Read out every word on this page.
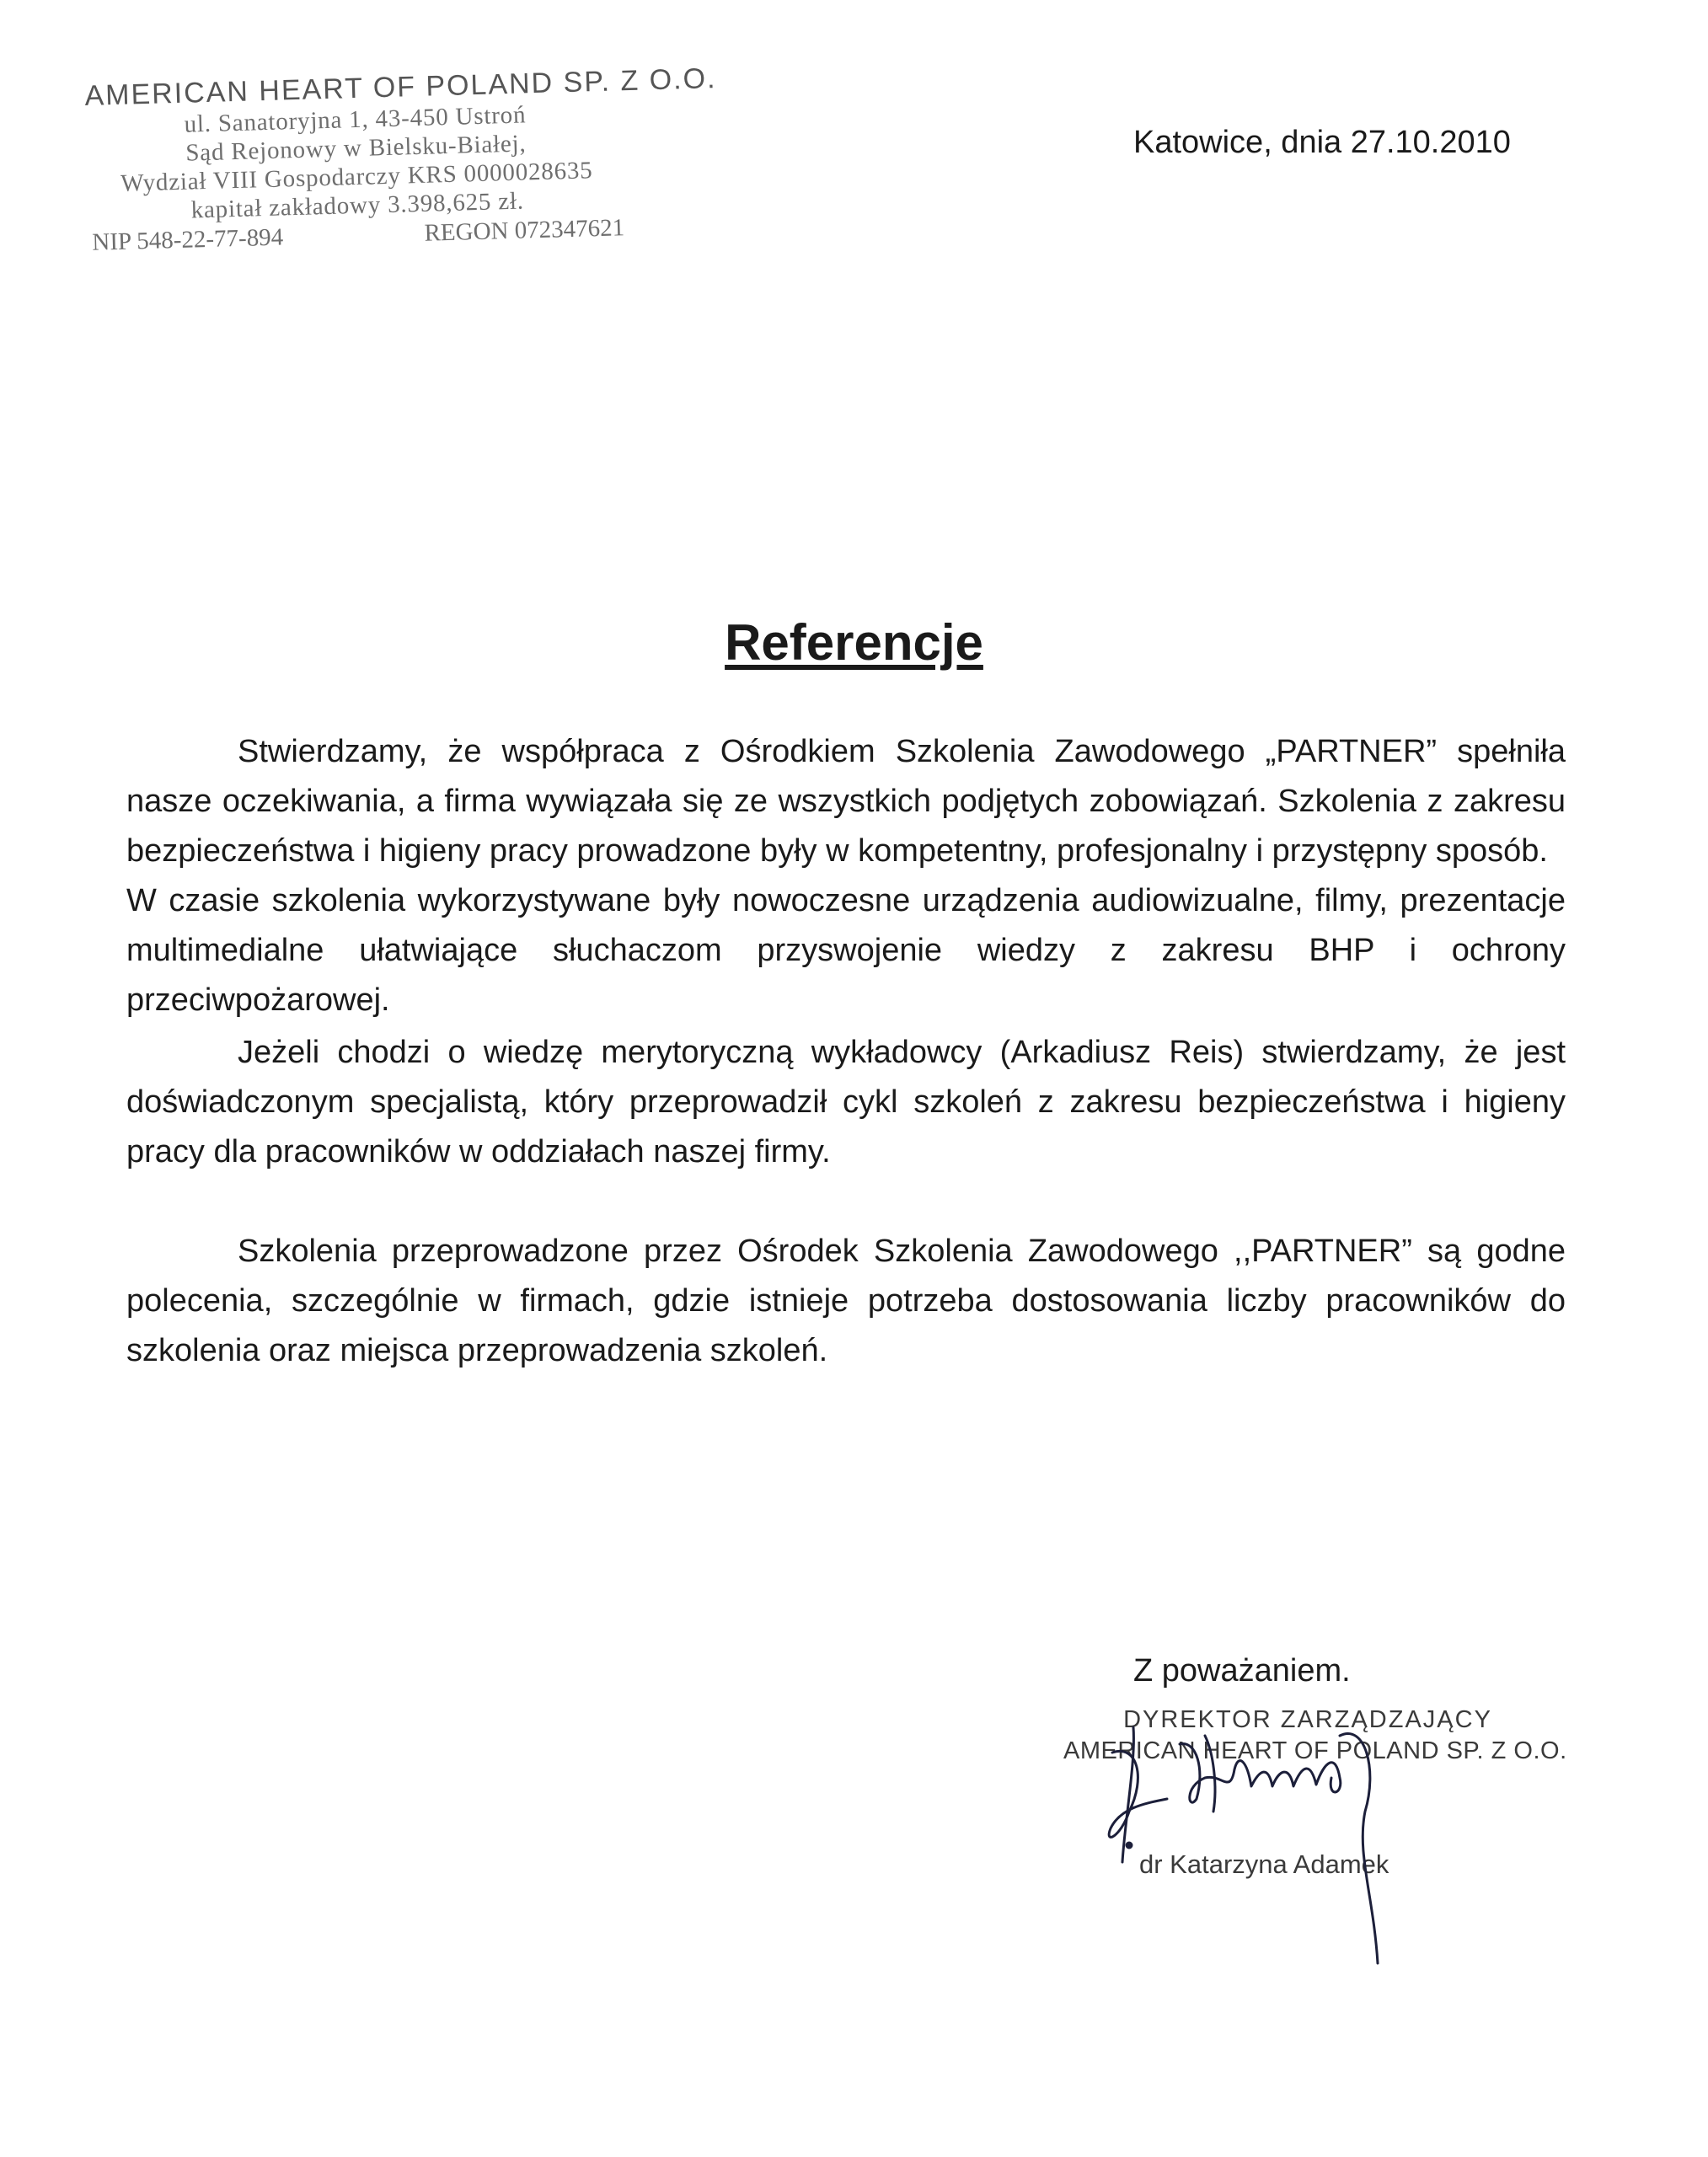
AMERICAN HEART OF POLAND SP. Z O.O.
ul. Sanatoryjna 1, 43-450 Ustroń
Sąd Rejonowy w Bielsku-Białej,
Wydział VIII Gospodarczy KRS 0000028635
kapitał zakładowy 3.398,625 zł.
NIP 548-22-77-894	REGON 072347621
Katowice, dnia 27.10.2010
Referencje

Stwierdzamy, że współpraca z Ośrodkiem Szkolenia Zawodowego „PARTNER” spełniła nasze oczekiwania, a firma wywiązała się ze wszystkich podjętych zobowiązań. Szkolenia z zakresu bezpieczeństwa i higieny pracy prowadzone były w kompetentny, profesjonalny i przystępny sposób.

W czasie szkolenia wykorzystywane były nowoczesne urządzenia audiowizualne, filmy, prezentacje multimedialne ułatwiające słuchaczom przyswojenie wiedzy z zakresu BHP i ochrony przeciwpożarowej.

Jeżeli chodzi o wiedzę merytoryczną wykładowcy (Arkadiusz Reis) stwierdzamy, że jest doświadczonym specjalistą, który przeprowadził cykl szkoleń z zakresu bezpieczeństwa i higieny pracy dla pracowników w oddziałach naszej firmy.

Szkolenia przeprowadzone przez Ośrodek Szkolenia Zawodowego ,,PARTNER” są godne polecenia, szczególnie w firmach, gdzie istnieje potrzeba dostosowania liczby pracowników do szkolenia oraz miejsca przeprowadzenia szkoleń.

Z poważaniem.
DYREKTOR ZARZĄDZAJĄCY
AMERICAN HEART OF POLAND SP. Z O.O.
dr Katarzyna Adamek
